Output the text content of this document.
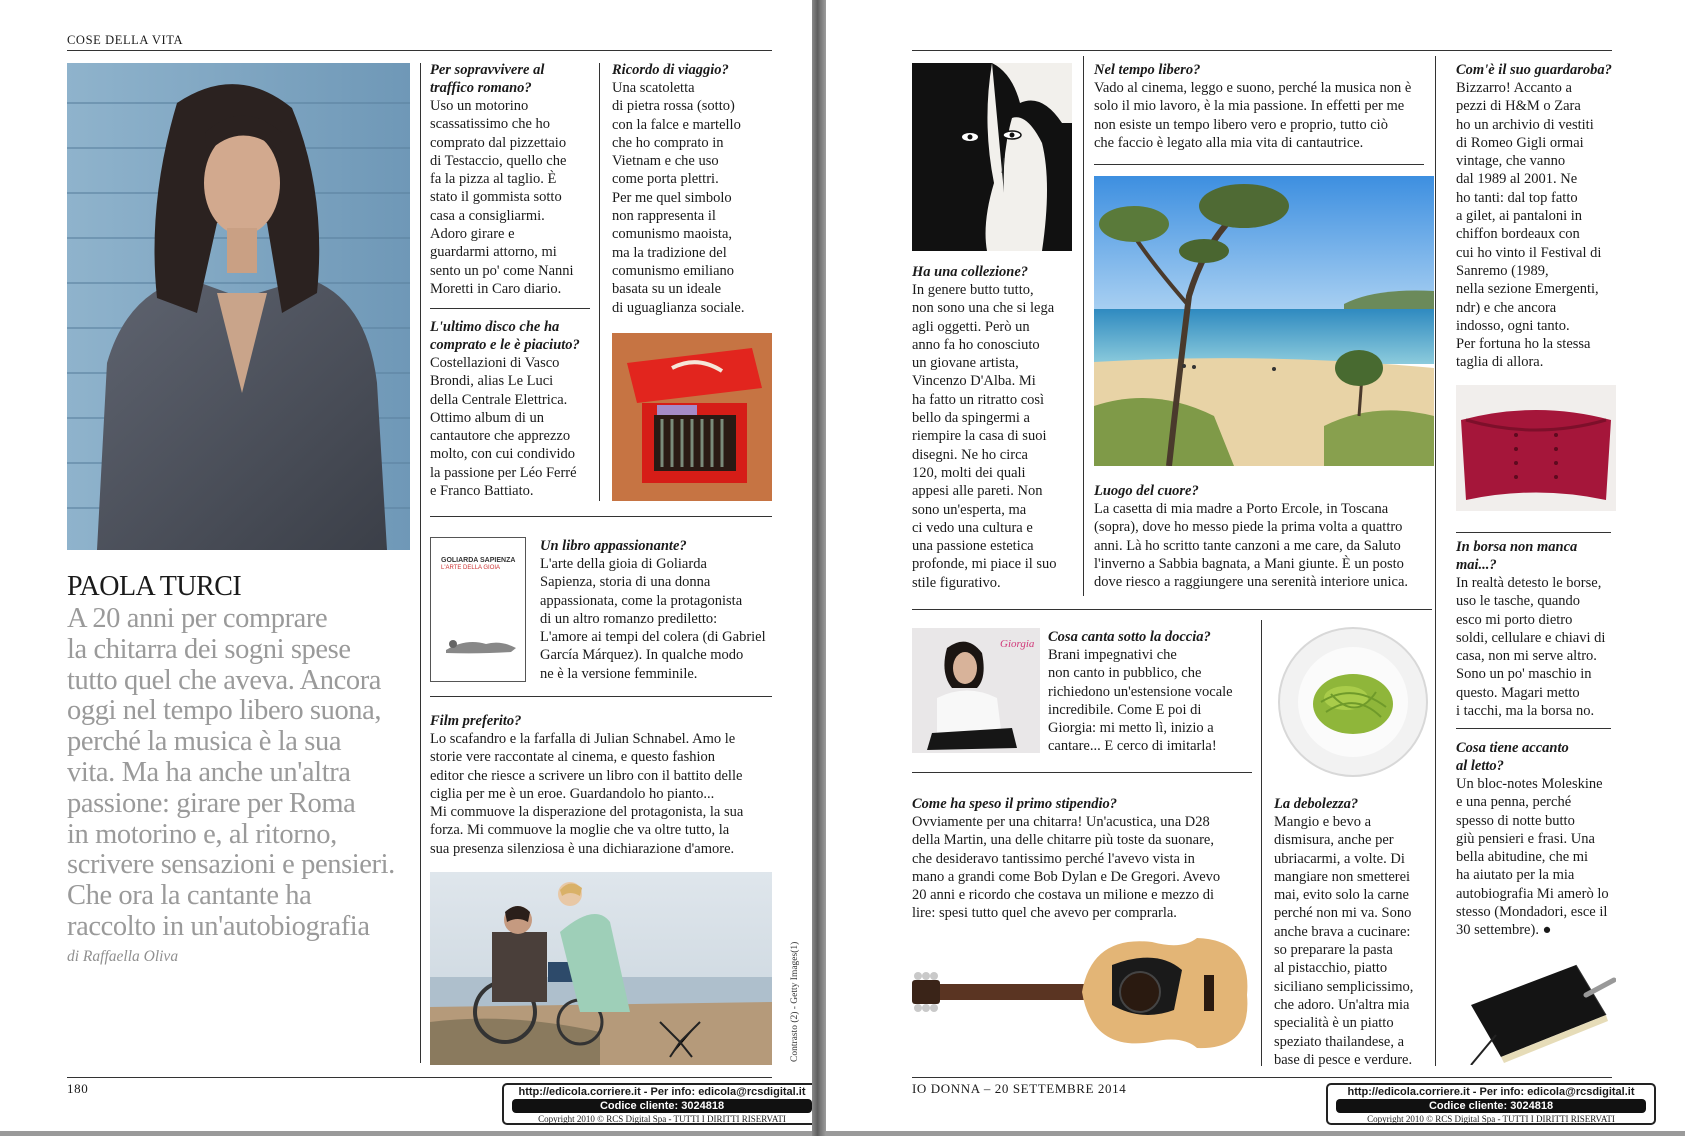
COSE DELLA VITA
PAOLA TURCI
A 20 anni per comprare
la chitarra dei sogni spese
tutto quel che aveva. Ancora
oggi nel tempo libero suona,
perché la musica è la sua
vita. Ma ha anche un'altra
passione: girare per Roma
in motorino e, al ritorno,
scrivere sensazioni e pensieri.
Che ora la cantante ha
raccolto in un'autobiografia
di Raffaella Oliva
Per sopravvivere al
traffico romano?
Uso un motorino
scassatissimo che ho
comprato dal pizzettaio
di Testaccio, quello che
fa la pizza al taglio. È
stato il gommista sotto
casa a consigliarmi.
Adoro girare e
guardarmi attorno, mi
sento un po' come Nanni
Moretti in Caro diario.
L'ultimo disco che ha
comprato e le è piaciuto?
Costellazioni di Vasco
Brondi, alias Le Luci
della Centrale Elettrica.
Ottimo album di un
cantautore che apprezzo
molto, con cui condivido
la passione per Léo Ferré
e Franco Battiato.
Ricordo di viaggio?
Una scatoletta
di pietra rossa (sotto)
con la falce e martello
che ho comprato in
Vietnam e che uso
come porta plettri.
Per me quel simbolo
non rappresenta il
comunismo maoista,
ma la tradizione del
comunismo emiliano
basata su un ideale
di uguaglianza sociale.
GOLIARDA SAPIENZA
L'ARTE DELLA GIOIA
Un libro appassionante?
L'arte della gioia di Goliarda
Sapienza, storia di una donna
appassionata, come la protagonista
di un altro romanzo prediletto:
L'amore ai tempi del colera (di Gabriel
García Márquez). In qualche modo
ne è la versione femminile.
Film preferito?
Lo scafandro e la farfalla di Julian Schnabel. Amo le
storie vere raccontate al cinema, e questo fashion
editor che riesce a scrivere un libro con il battito delle
ciglia per me è un eroe. Guardandolo ho pianto...
Mi commuove la disperazione del protagonista, la sua
forza. Mi commuove la moglie che va oltre tutto, la
sua presenza silenziosa è una dichiarazione d'amore.
Contrasto (2) - Getty Images(1)
180	http://edicola.corriere.it - Per info: edicola@rcsdigital.it
Codice cliente: 3024818
Copyright 2010 © RCS Digital Spa - TUTTI I DIRITTI RISERVATI
Nel tempo libero?
Vado al cinema, leggo e suono, perché la musica non è
solo il mio lavoro, è la mia passione. In effetti per me
non esiste un tempo libero vero e proprio, tutto ciò
che faccio è legato alla mia vita di cantautrice.
Ha una collezione?
In genere butto tutto,
non sono una che si lega
agli oggetti. Però un
anno fa ho conosciuto
un giovane artista,
Vincenzo D'Alba. Mi
ha fatto un ritratto così
bello da spingermi a
riempire la casa di suoi
disegni. Ne ho circa
120, molti dei quali
appesi alle pareti. Non
sono un'esperta, ma
ci vedo una cultura e
una passione estetica
profonde, mi piace il suo
stile figurativo.
Luogo del cuore?
La casetta di mia madre a Porto Ercole, in Toscana
(sopra), dove ho messo piede la prima volta a quattro
anni. Là ho scritto tante canzoni a me care, da Saluto
l'inverno a Sabbia bagnata, a Mani giunte. È un posto
dove riesco a raggiungere una serenità interiore unica.
Com'è il suo guardaroba?
Bizzarro! Accanto a
pezzi di H&M o Zara
ho un archivio di vestiti
di Romeo Gigli ormai
vintage, che vanno
dal 1989 al 2001. Ne
ho tanti: dal top fatto
a gilet, ai pantaloni in
chiffon bordeaux con
cui ho vinto il Festival di
Sanremo (1989,
nella sezione Emergenti,
ndr) e che ancora
indosso, ogni tanto.
Per fortuna ho la stessa
taglia di allora.
In borsa non manca
mai...?
In realtà detesto le borse,
uso le tasche, quando
esco mi porto dietro
soldi, cellulare e chiavi di
casa, non mi serve altro.
Sono un po' maschio in
questo. Magari metto
i tacchi, ma la borsa no.
Cosa tiene accanto
al letto?
Un bloc-notes Moleskine
e una penna, perché
spesso di notte butto
giù pensieri e frasi. Una
bella abitudine, che mi
ha aiutato per la mia
autobiografia Mi amerò lo
stesso (Mondadori, esce il
30 settembre). ●
Giorgia Cosa canta sotto la doccia?
Brani impegnativi che
non canto in pubblico, che
richiedono un'estensione vocale
incredibile. Come E poi di
Giorgia: mi metto lì, inizio a
cantare... E cerco di imitarla!
Come ha speso il primo stipendio?
Ovviamente per una chitarra! Un'acustica, una D28
della Martin, una delle chitarre più toste da suonare,
che desideravo tantissimo perché l'avevo vista in
mano a grandi come Bob Dylan e De Gregori. Avevo
20 anni e ricordo che costava un milione e mezzo di
lire: spesi tutto quel che avevo per comprarla.
La debolezza?
Mangio e bevo a
dismisura, anche per
ubriacarmi, a volte. Di
mangiare non smetterei
mai, evito solo la carne
perché non mi va. Sono
anche brava a cucinare:
so preparare la pasta
al pistacchio, piatto
siciliano semplicissimo,
che adoro. Un'altra mia
specialità è un piatto
speziato thailandese, a
base di pesce e verdure.
IO DONNA – 20 SETTEMBRE 2014	http://edicola.corriere.it - Per info: edicola@rcsdigital.it
Codice cliente: 3024818
Copyright 2010 © RCS Digital Spa - TUTTI I DIRITTI RISERVATI
